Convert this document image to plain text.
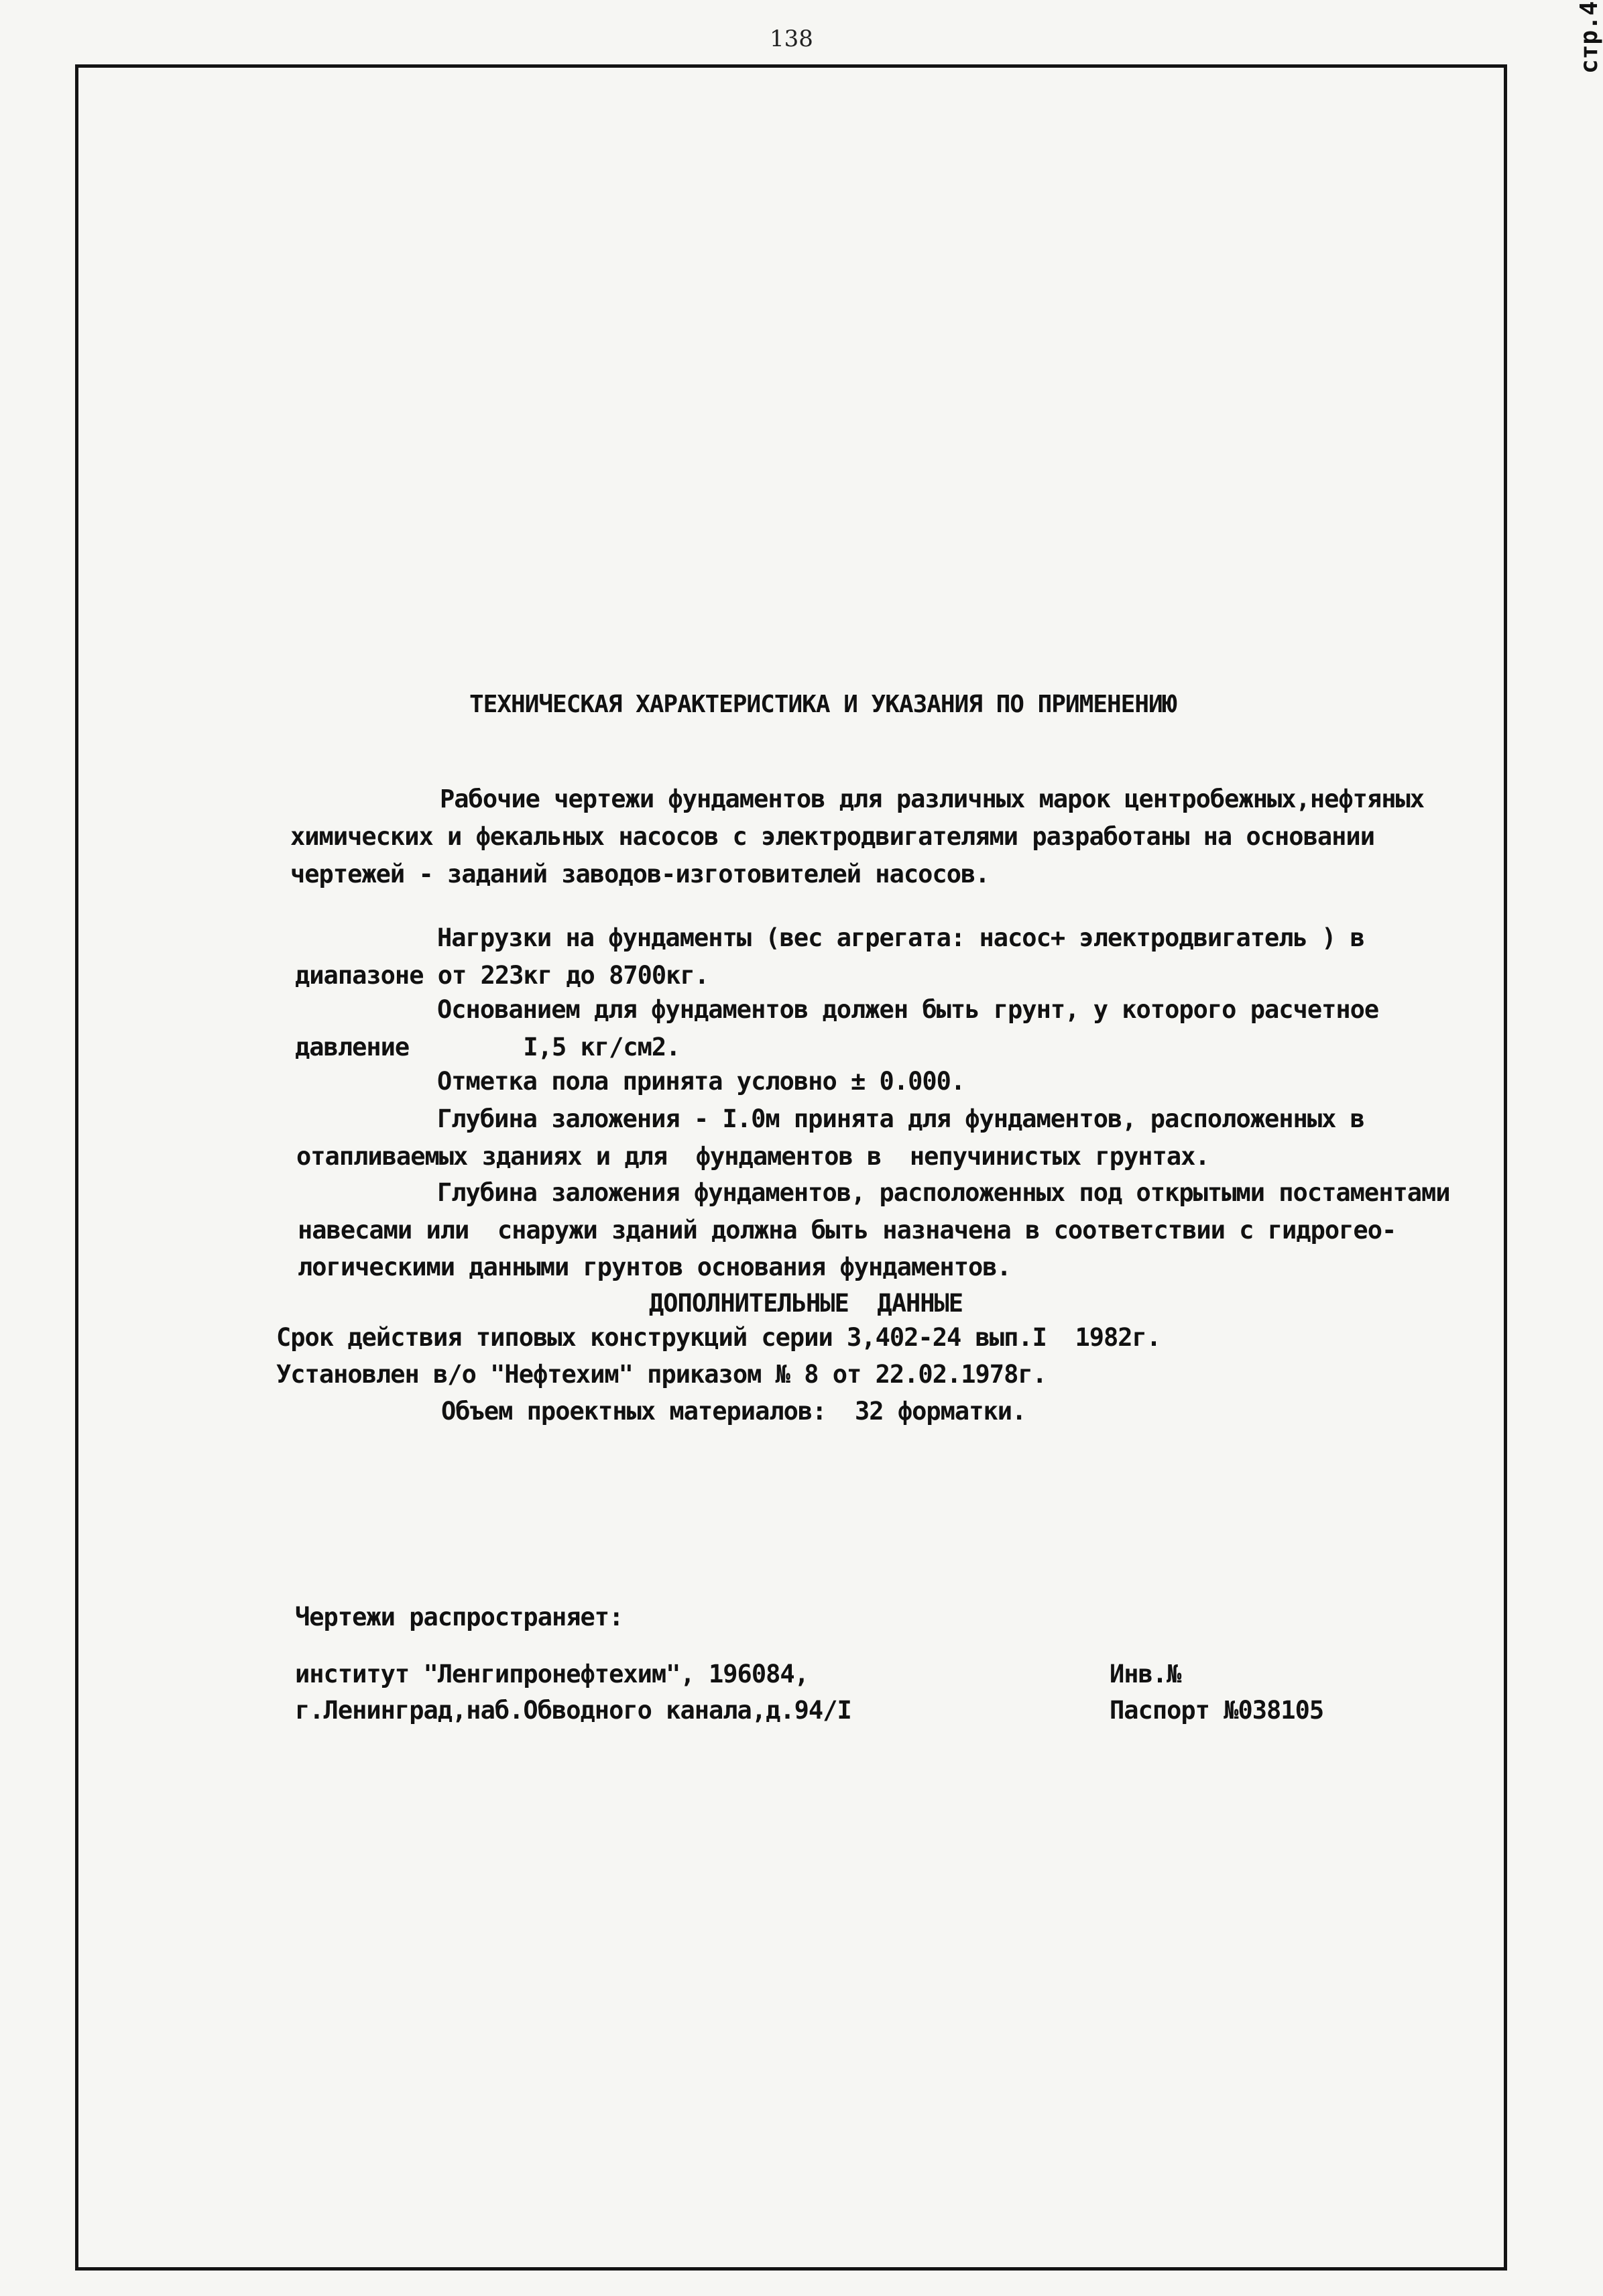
138	стр.4
ТЕХНИЧЕСКАЯ ХАРАКТЕРИСТИКА И УКАЗАНИЯ ПО ПРИМЕНЕНИЮ
Рабочие чертежи фундаментов для различных марок центробежных,нефтяных
химических и фекальных насосов с электродвигателями разработаны на основании
чертежей - заданий заводов-изготовителей насосов.
Нагрузки на фундаменты (вес агрегата: насос+ электродвигатель ) в
диапазоне от 223кг до 8700кг.
Основанием для фундаментов должен быть грунт, у которого расчетное
давление        I,5 кг/см2.
Отметка пола принята условно ± 0.000.
Глубина заложения - I.0м принята для фундаментов, расположенных в
отапливаемых зданиях и для  фундаментов в  непучинистых грунтах.
Глубина заложения фундаментов, расположенных под открытыми постаментами
навесами или  снаружи зданий должна быть назначена в соответствии с гидрогео-
логическими данными грунтов основания фундаментов.
ДОПОЛНИТЕЛЬНЫЕ  ДАННЫЕ
Срок действия типовых конструкций серии 3,402-24 вып.I  1982г.
Установлен в/о "Нефтехим" приказом № 8 от 22.02.1978г.
Объем проектных материалов:  32 форматки.
Чертежи распространяет:
институт "Ленгипронефтехим", 196084,
г.Ленинград,наб.Обводного канала,д.94/I
Инв.№
Паспорт №038105
